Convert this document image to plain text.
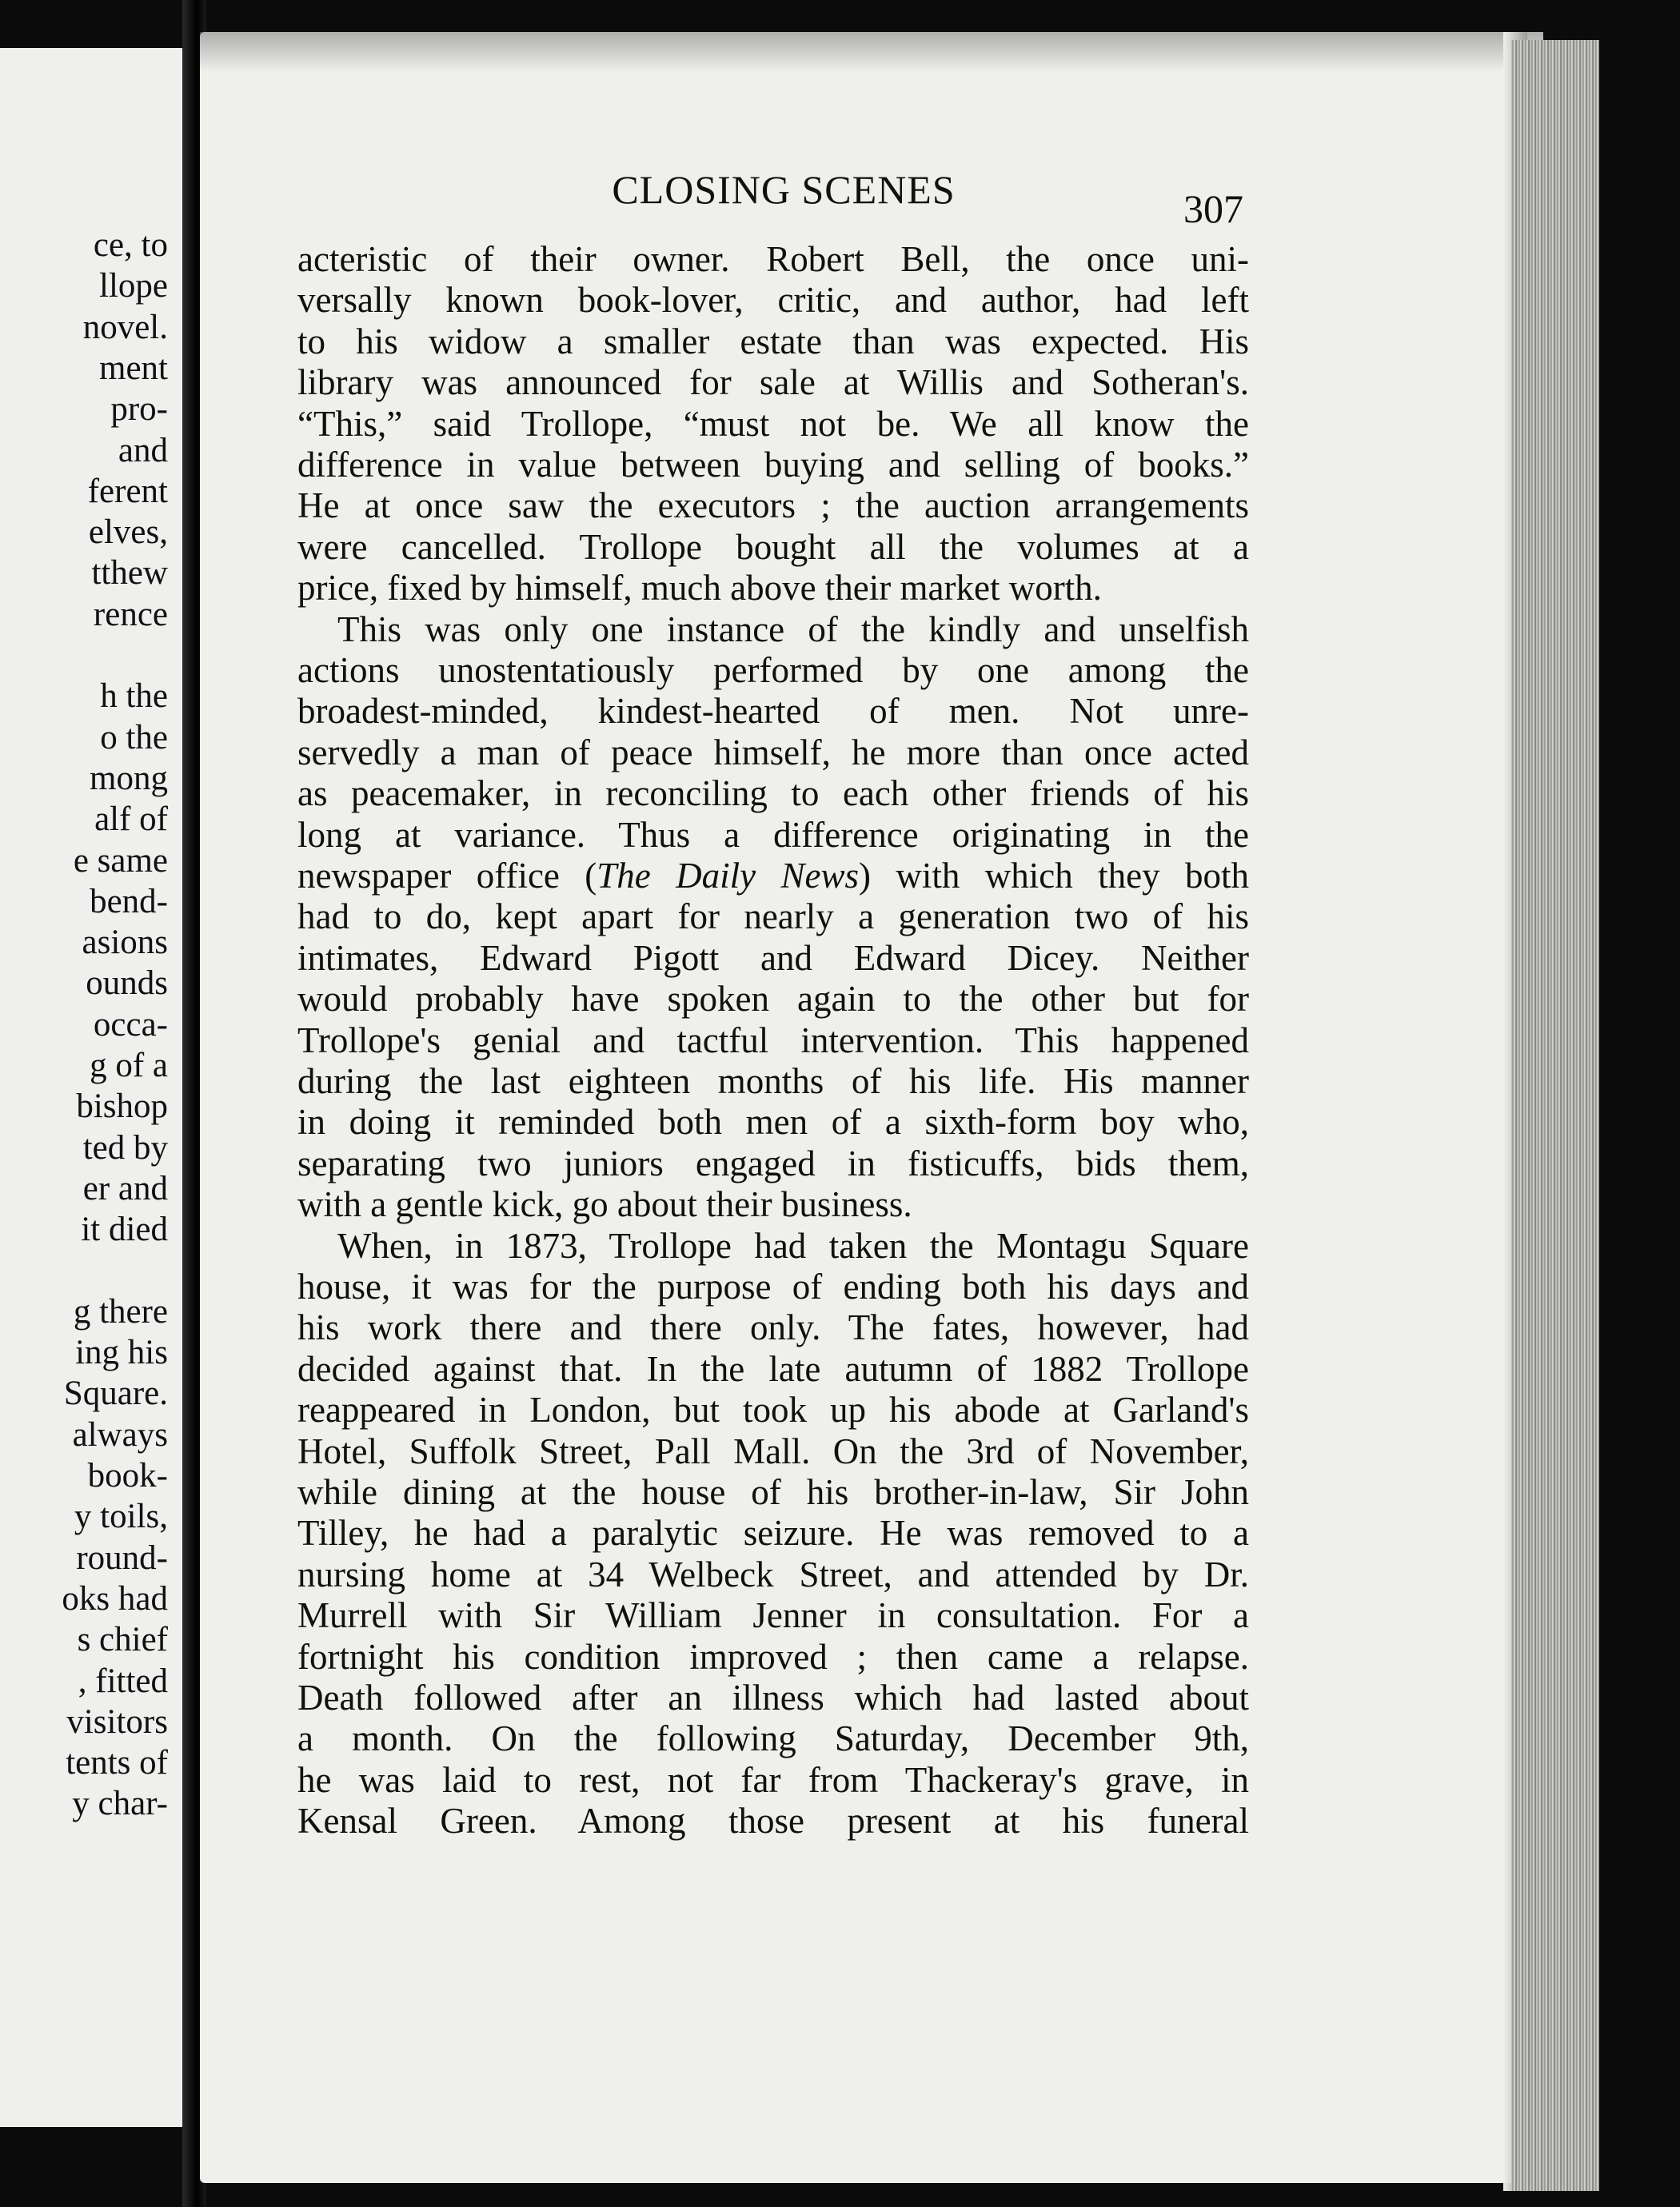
ce, to
llope
novel.
ment
pro-
and
ferent
elves,
tthew
rence
h the
o the
mong
alf of
e same
bend-
asions
ounds
occa-
g of a
bishop
ted by
er and
it died
g there
ing his
Square.
always
book-
y toils,
round-
oks had
s chief
, fitted
visitors
tents of
y char-
CLOSING SCENES	307
acteristic of their owner. Robert Bell, the once uni-
versally known book-lover, critic, and author, had left
to his widow a smaller estate than was expected. His
library was announced for sale at Willis and Sotheran's.
“This,” said Trollope, “must not be. We all know the
difference in value between buying and selling of books.”
He at once saw the executors ; the auction arrangements
were cancelled. Trollope bought all the volumes at a
price, fixed by himself, much above their market worth.
This was only one instance of the kindly and unselfish
actions unostentatiously performed by one among the
broadest-minded, kindest-hearted of men. Not unre-
servedly a man of peace himself, he more than once acted
as peacemaker, in reconciling to each other friends of his
long at variance. Thus a difference originating in the
newspaper office (The Daily News) with which they both
had to do, kept apart for nearly a generation two of his
intimates, Edward Pigott and Edward Dicey. Neither
would probably have spoken again to the other but for
Trollope's genial and tactful intervention. This happened
during the last eighteen months of his life. His manner
in doing it reminded both men of a sixth-form boy who,
separating two juniors engaged in fisticuffs, bids them,
with a gentle kick, go about their business.
When, in 1873, Trollope had taken the Montagu Square
house, it was for the purpose of ending both his days and
his work there and there only. The fates, however, had
decided against that. In the late autumn of 1882 Trollope
reappeared in London, but took up his abode at Garland's
Hotel, Suffolk Street, Pall Mall. On the 3rd of November,
while dining at the house of his brother-in-law, Sir John
Tilley, he had a paralytic seizure. He was removed to a
nursing home at 34 Welbeck Street, and attended by Dr.
Murrell with Sir William Jenner in consultation. For a
fortnight his condition improved ; then came a relapse.
Death followed after an illness which had lasted about
a month. On the following Saturday, December 9th,
he was laid to rest, not far from Thackeray's grave, in
Kensal Green. Among those present at his funeral
